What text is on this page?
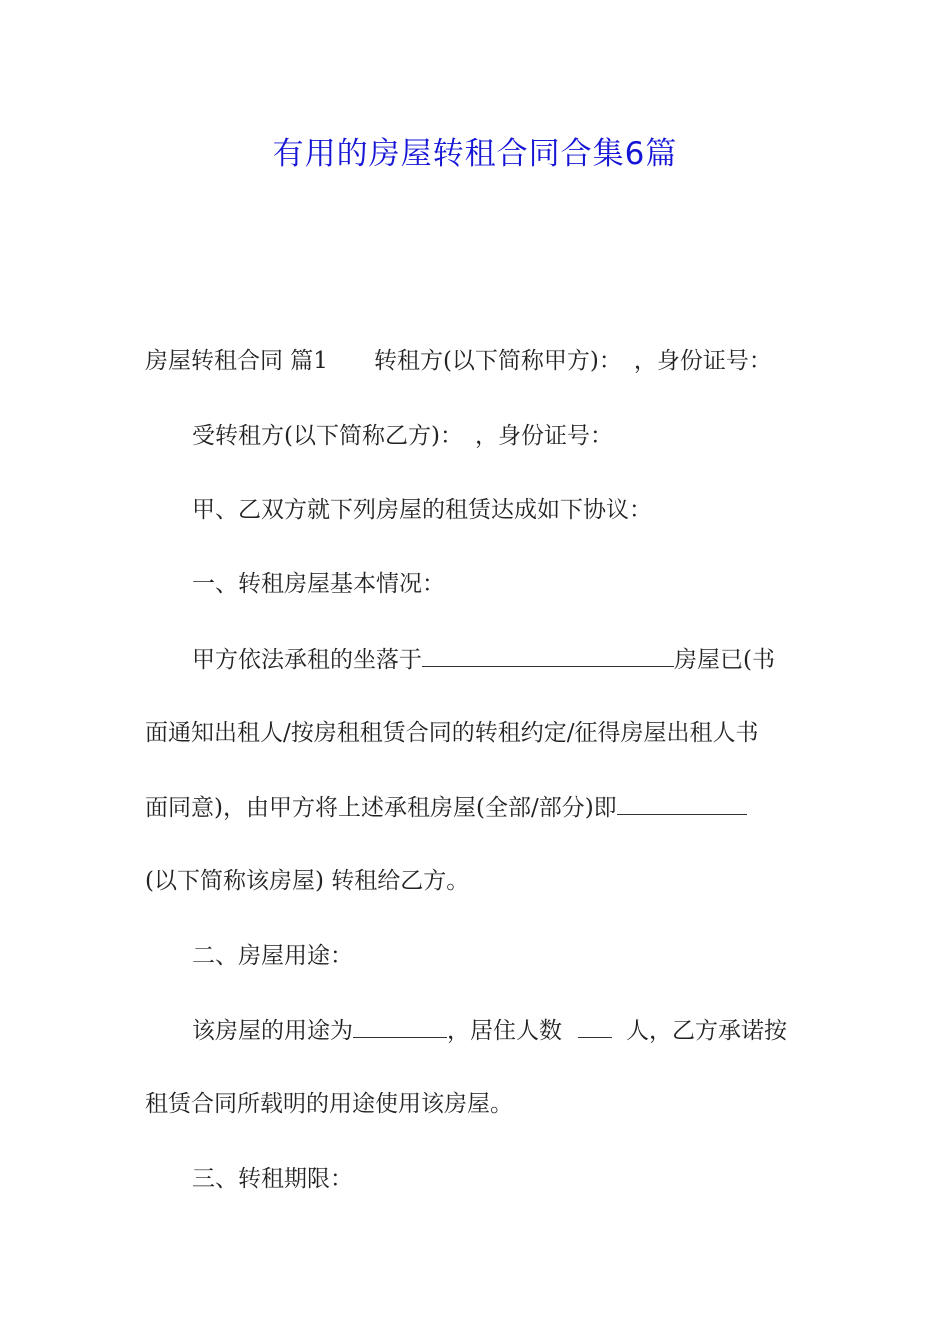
有用的房屋转租合同合集6篇
房屋转租合同 篇1 转租方(以下简称甲方)： ，身份证号：
受转租方(以下简称乙方)： ，身份证号：
甲、乙双方就下列房屋的租赁达成如下协议：
一、转租房屋基本情况：
甲方依法承租的坐落于	房屋已(书
面通知出租人/按房租租赁合同的转租约定/征得房屋出租人书
面同意)，由甲方将上述承租房屋(全部/部分)即
(以下简称该房屋) 转租给乙方。
二、房屋用途：
该房屋的用途为	，居住人数	人，乙方承诺按
租赁合同所载明的用途使用该房屋。
三、转租期限：
